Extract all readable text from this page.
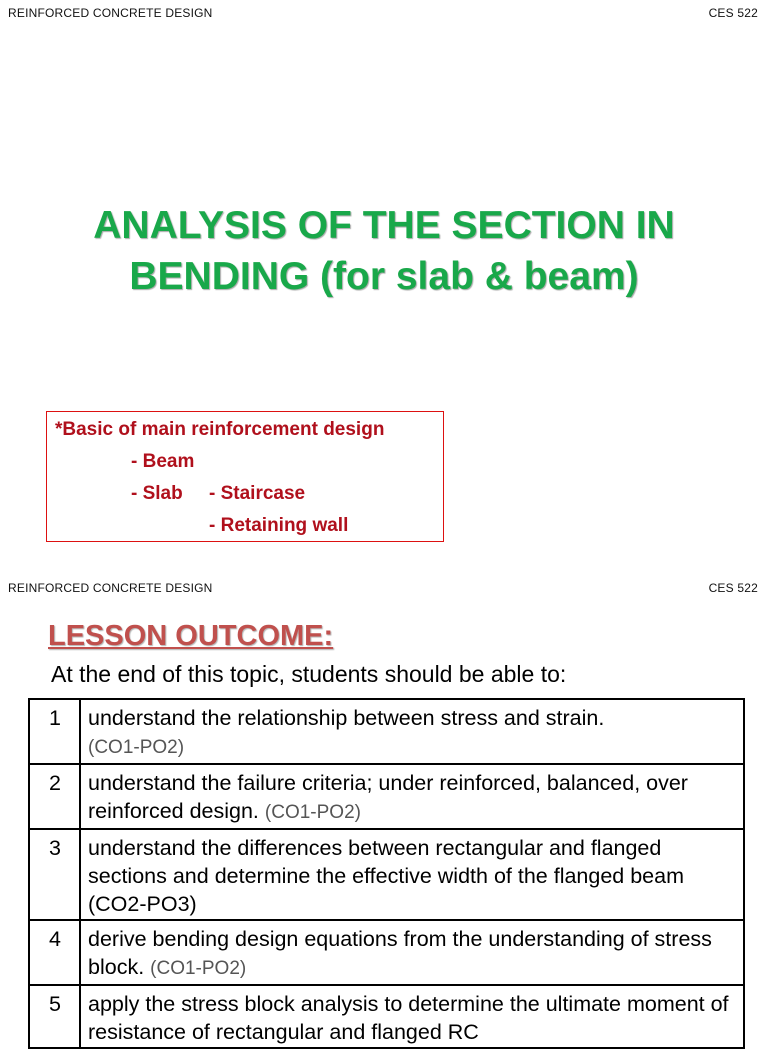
REINFORCED CONCRETE DESIGN	CES 522
ANALYSIS OF THE SECTION IN
BENDING (for slab & beam)
*Basic of main reinforcement design
- Beam
- Slab - Staircase
- Retaining wall
REINFORCED CONCRETE DESIGN	CES 522
LESSON OUTCOME:
At the end of this topic, students should be able to:
1	understand the relationship between stress and strain.
(CO1-PO2)
2	understand the failure criteria; under reinforced, balanced, over reinforced design. (CO1-PO2)
3	understand the differences between rectangular and flanged sections and determine the effective width of the flanged beam (CO2-PO3)
4	derive bending design equations from the understanding of stress block. (CO1-PO2)
5	apply the stress block analysis to determine the ultimate moment of resistance of rectangular and flanged RC
